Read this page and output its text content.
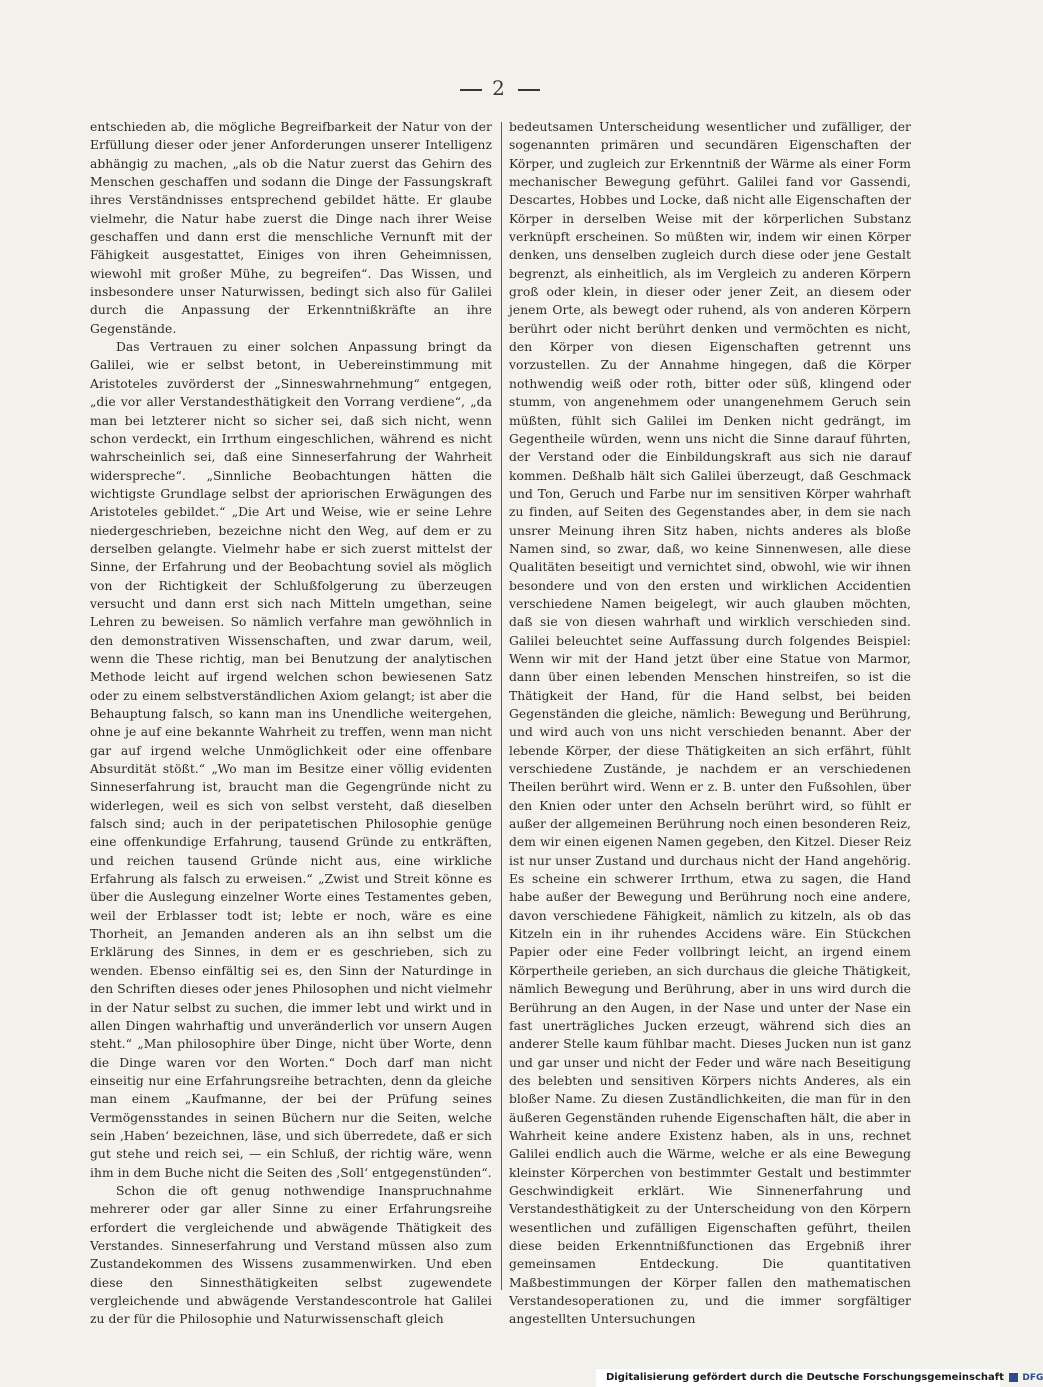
2

entschieden ab, die mögliche Begreifbarkeit der Natur von der Erfüllung dieser oder jener Anforderungen unserer Intelligenz abhängig zu machen, „als ob die Natur zuerst das Gehirn des Menschen geschaffen und sodann die Dinge der Fassungskraft ihres Verständnisses entsprechend gebildet hätte. Er glaube vielmehr, die Natur habe zuerst die Dinge nach ihrer Weise geschaffen und dann erst die menschliche Vernunft mit der Fähigkeit ausgestattet, Einiges von ihren Geheimnissen, wiewohl mit großer Mühe, zu begreifen“. Das Wissen, und insbesondere unser Naturwissen, bedingt sich also für Galilei durch die Anpassung der Erkenntnißkräfte an ihre Gegenstände.

Das Vertrauen zu einer solchen Anpassung bringt da Galilei, wie er selbst betont, in Uebereinstimmung mit Aristoteles zuvörderst der „Sinneswahrnehmung“ entgegen, „die vor aller Verstandesthätigkeit den Vorrang verdiene“, „da man bei letzterer nicht so sicher sei, daß sich nicht, wenn schon verdeckt, ein Irrthum eingeschlichen, während es nicht wahrscheinlich sei, daß eine Sinneserfahrung der Wahrheit widerspreche“. „Sinnliche Beobachtungen hätten die wichtigste Grundlage selbst der apriorischen Erwägungen des Aristoteles gebildet.“ „Die Art und Weise, wie er seine Lehre niedergeschrieben, bezeichne nicht den Weg, auf dem er zu derselben gelangte. Vielmehr habe er sich zuerst mittelst der Sinne, der Erfahrung und der Beobachtung soviel als möglich von der Richtigkeit der Schlußfolgerung zu überzeugen versucht und dann erst sich nach Mitteln umgethan, seine Lehren zu beweisen. So nämlich verfahre man gewöhnlich in den demonstrativen Wissenschaften, und zwar darum, weil, wenn die These richtig, man bei Benutzung der analytischen Methode leicht auf irgend welchen schon bewiesenen Satz oder zu einem selbstverständlichen Axiom gelangt; ist aber die Behauptung falsch, so kann man ins Unendliche weitergehen, ohne je auf eine bekannte Wahrheit zu treffen, wenn man nicht gar auf irgend welche Unmöglichkeit oder eine offenbare Absurdität stößt.“ „Wo man im Besitze einer völlig evidenten Sinneserfahrung ist, braucht man die Gegengründe nicht zu widerlegen, weil es sich von selbst versteht, daß dieselben falsch sind; auch in der peripatetischen Philosophie genüge eine offenkundige Erfahrung, tausend Gründe zu entkräften, und reichen tausend Gründe nicht aus, eine wirkliche Erfahrung als falsch zu erweisen.“ „Zwist und Streit könne es über die Auslegung einzelner Worte eines Testamentes geben, weil der Erblasser todt ist; lebte er noch, wäre es eine Thorheit, an Jemanden anderen als an ihn selbst um die Erklärung des Sinnes, in dem er es geschrieben, sich zu wenden. Ebenso einfältig sei es, den Sinn der Naturdinge in den Schriften dieses oder jenes Philosophen und nicht vielmehr in der Natur selbst zu suchen, die immer lebt und wirkt und in allen Dingen wahrhaftig und unveränderlich vor unsern Augen steht.“ „Man philosophire über Dinge, nicht über Worte, denn die Dinge waren vor den Worten.“ Doch darf man nicht einseitig nur eine Erfahrungsreihe betrachten, denn da gleiche man einem „Kaufmanne, der bei der Prüfung seines Vermögensstandes in seinen Büchern nur die Seiten, welche sein ‚Haben‘ bezeichnen, läse, und sich überredete, daß er sich gut stehe und reich sei, — ein Schluß, der richtig wäre, wenn ihm in dem Buche nicht die Seiten des ‚Soll‘ entgegenstünden“.

Schon die oft genug nothwendige Inanspruchnahme mehrerer oder gar aller Sinne zu einer Erfahrungsreihe erfordert die vergleichende und abwägende Thätigkeit des Verstandes. Sinneserfahrung und Verstand müssen also zum Zustandekommen des Wissens zusammenwirken. Und eben diese den Sinnesthätigkeiten selbst zugewendete vergleichende und abwägende Verstandescontrole hat Galilei zu der für die Philosophie und Naturwissenschaft gleich

bedeutsamen Unterscheidung wesentlicher und zufälliger, der sogenannten primären und secundären Eigenschaften der Körper, und zugleich zur Erkenntniß der Wärme als einer Form mechanischer Bewegung geführt. Galilei fand vor Gassendi, Descartes, Hobbes und Locke, daß nicht alle Eigenschaften der Körper in derselben Weise mit der körperlichen Substanz verknüpft erscheinen. So müßten wir, indem wir einen Körper denken, uns denselben zugleich durch diese oder jene Gestalt begrenzt, als einheitlich, als im Vergleich zu anderen Körpern groß oder klein, in dieser oder jener Zeit, an diesem oder jenem Orte, als bewegt oder ruhend, als von anderen Körpern berührt oder nicht berührt denken und vermöchten es nicht, den Körper von diesen Eigenschaften getrennt uns vorzustellen. Zu der Annahme hingegen, daß die Körper nothwendig weiß oder roth, bitter oder süß, klingend oder stumm, von angenehmem oder unangenehmem Geruch sein müßten, fühlt sich Galilei im Denken nicht gedrängt, im Gegentheile würden, wenn uns nicht die Sinne darauf führten, der Verstand oder die Einbildungskraft aus sich nie darauf kommen. Deßhalb hält sich Galilei überzeugt, daß Geschmack und Ton, Geruch und Farbe nur im sensitiven Körper wahrhaft zu finden, auf Seiten des Gegenstandes aber, in dem sie nach unsrer Meinung ihren Sitz haben, nichts anderes als bloße Namen sind, so zwar, daß, wo keine Sinnenwesen, alle diese Qualitäten beseitigt und vernichtet sind, obwohl, wie wir ihnen besondere und von den ersten und wirklichen Accidentien verschiedene Namen beigelegt, wir auch glauben möchten, daß sie von diesen wahrhaft und wirklich verschieden sind. Galilei beleuchtet seine Auffassung durch folgendes Beispiel: Wenn wir mit der Hand jetzt über eine Statue von Marmor, dann über einen lebenden Menschen hinstreifen, so ist die Thätigkeit der Hand, für die Hand selbst, bei beiden Gegenständen die gleiche, nämlich: Bewegung und Berührung, und wird auch von uns nicht verschieden benannt. Aber der lebende Körper, der diese Thätigkeiten an sich erfährt, fühlt verschiedene Zustände, je nachdem er an verschiedenen Theilen berührt wird. Wenn er z. B. unter den Fußsohlen, über den Knien oder unter den Achseln berührt wird, so fühlt er außer der allgemeinen Berührung noch einen besonderen Reiz, dem wir einen eigenen Namen gegeben, den Kitzel. Dieser Reiz ist nur unser Zustand und durchaus nicht der Hand angehörig. Es scheine ein schwerer Irrthum, etwa zu sagen, die Hand habe außer der Bewegung und Berührung noch eine andere, davon verschiedene Fähigkeit, nämlich zu kitzeln, als ob das Kitzeln ein in ihr ruhendes Accidens wäre. Ein Stückchen Papier oder eine Feder vollbringt leicht, an irgend einem Körpertheile gerieben, an sich durchaus die gleiche Thätigkeit, nämlich Bewegung und Berührung, aber in uns wird durch die Berührung an den Augen, in der Nase und unter der Nase ein fast unerträgliches Jucken erzeugt, während sich dies an anderer Stelle kaum fühlbar macht. Dieses Jucken nun ist ganz und gar unser und nicht der Feder und wäre nach Beseitigung des belebten und sensitiven Körpers nichts Anderes, als ein bloßer Name. Zu diesen Zuständlichkeiten, die man für in den äußeren Gegenständen ruhende Eigenschaften hält, die aber in Wahrheit keine andere Existenz haben, als in uns, rechnet Galilei endlich auch die Wärme, welche er als eine Bewegung kleinster Körperchen von bestimmter Gestalt und bestimmter Geschwindigkeit erklärt. Wie Sinnenerfahrung und Verstandesthätigkeit zu der Unterscheidung von den Körpern wesentlichen und zufälligen Eigenschaften geführt, theilen diese beiden Erkenntnißfunctionen das Ergebniß ihrer gemeinsamen Entdeckung. Die quantitativen Maßbestimmungen der Körper fallen den mathematischen Verstandesoperationen zu, und die immer sorgfältiger angestellten Untersuchungen

Digitalisierung gefördert durch die Deutsche Forschungsgemeinschaft DFG
